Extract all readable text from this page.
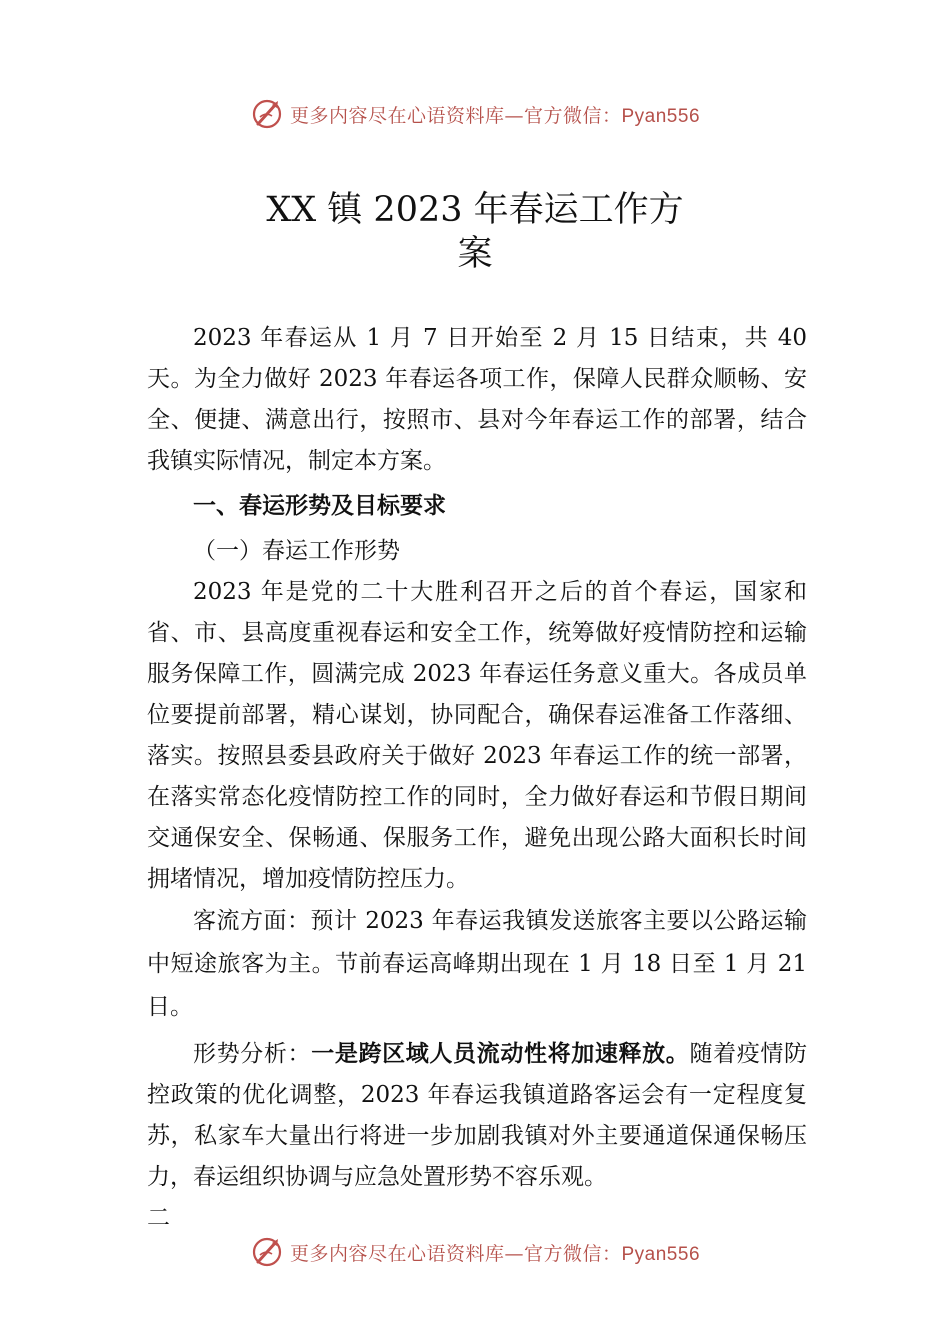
更多内容尽在心语资料库—官方微信：Pyan556
XX 镇 2023 年春运工作方
案

2023 年春运从 1 月 7 日开始至 2 月 15 日结束，共 40 天。为全力做好 2023 年春运各项工作，保障人民群众顺畅、安全、便捷、满意出行，按照市、县对今年春运工作的部署，结合我镇实际情况，制定本方案。

一、春运形势及目标要求

（一）春运工作形势

2023 年是党的二十大胜利召开之后的首个春运，国家和省、市、县高度重视春运和安全工作，统筹做好疫情防控和运输服务保障工作，圆满完成 2023 年春运任务意义重大。各成员单位要提前部署，精心谋划，协同配合，确保春运准备工作落细、落实。按照县委县政府关于做好 2023 年春运工作的统一部署，在落实常态化疫情防控工作的同时，全力做好春运和节假日期间交通保安全、保畅通、保服务工作，避免出现公路大面积长时间拥堵情况，增加疫情防控压力。

客流方面：预计 2023 年春运我镇发送旅客主要以公路运输中短途旅客为主。节前春运高峰期出现在 1 月 18 日至 1 月 21 日。

形势分析：一是跨区域人员流动性将加速释放。随着疫情防控政策的优化调整，2023 年春运我镇道路客运会有一定程度复苏，私家车大量出行将进一步加剧我镇对外主要通道保通保畅压力，春运组织协调与应急处置形势不容乐观。

二

更多内容尽在心语资料库—官方微信：Pyan556
